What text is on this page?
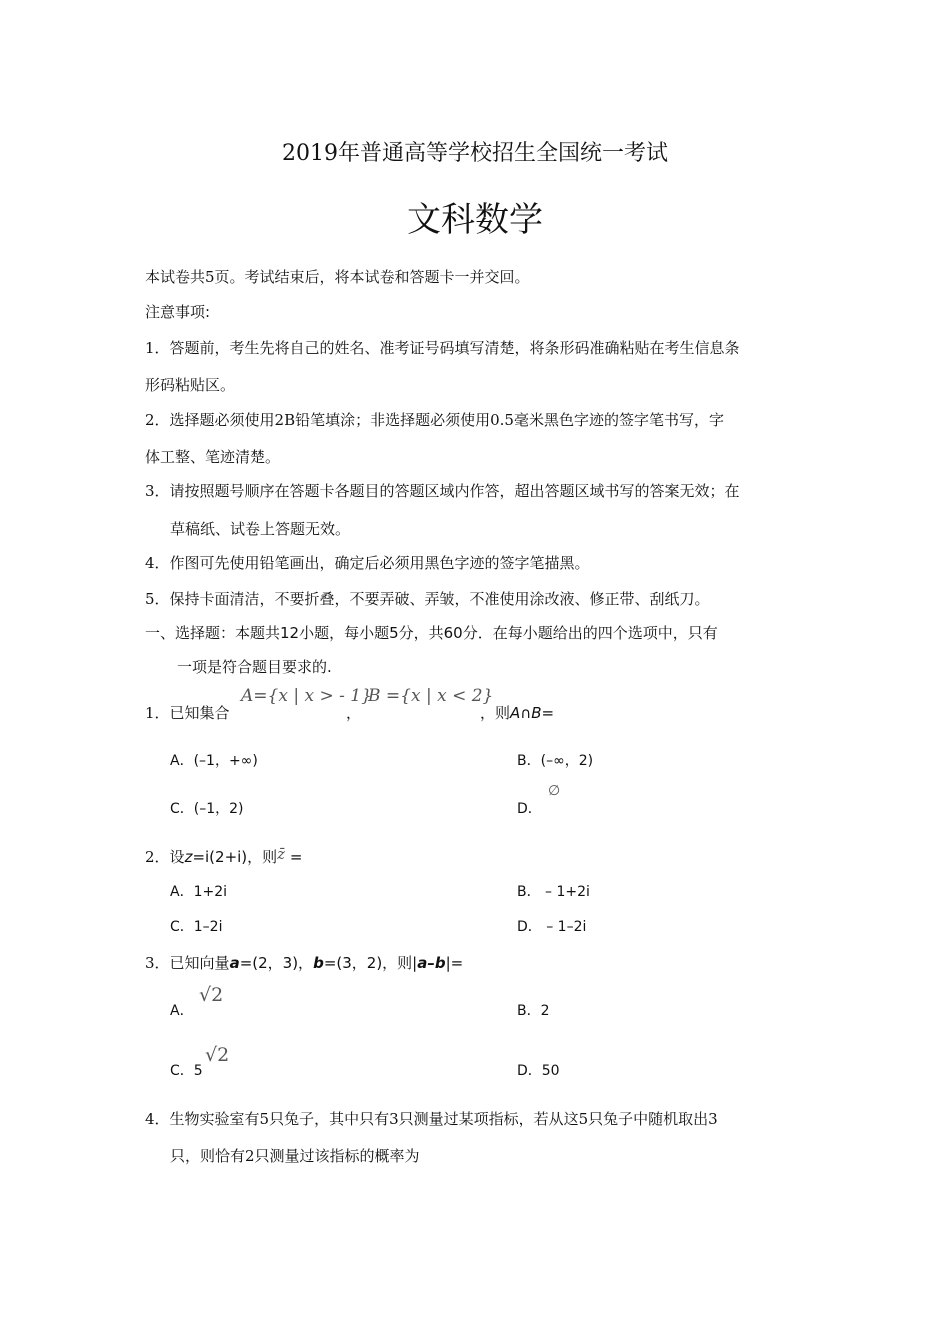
2019年普通高等学校招生全国统一考试
文科数学
本试卷共5页。考试结束后，将本试卷和答题卡一并交回。
注意事项:
1．答题前，考生先将自己的姓名、准考证号码填写清楚，将条形码准确粘贴在考生信息条
形码粘贴区。
2．选择题必须使用2B铅笔填涂；非选择题必须使用0.5毫米黑色字迹的签字笔书写，字
体工整、笔迹清楚。
3．请按照题号顺序在答题卡各题目的答题区域内作答，超出答题区域书写的答案无效；在
草稿纸、试卷上答题无效。
4．作图可先使用铅笔画出，确定后必须用黑色字迹的签字笔描黑。
5．保持卡面清洁，不要折叠，不要弄破、弄皱，不准使用涂改液、修正带、刮纸刀。
一、选择题：本题共12小题，每小题5分，共60分．在每小题给出的四个选项中，只有
一项是符合题目要求的.
1．已知集合
A={x | x > - 1}
，
B ={x | x < 2}
，则A∩B=
A．(–1，+∞)	B．(–∞，2)
C．(–1，2)	D．
∅
2．设z=i(2+i)，则z̄ =
A．1+2i	B． – 1+2i
C．1–2i	D． – 1–2i
3．已知向量a=(2，3)，b=(3，2)，则|a–b|=
A．
√2
B．2
C．5
√2
D．50
4．生物实验室有5只兔子，其中只有3只测量过某项指标，若从这5只兔子中随机取出3
只，则恰有2只测量过该指标的概率为
